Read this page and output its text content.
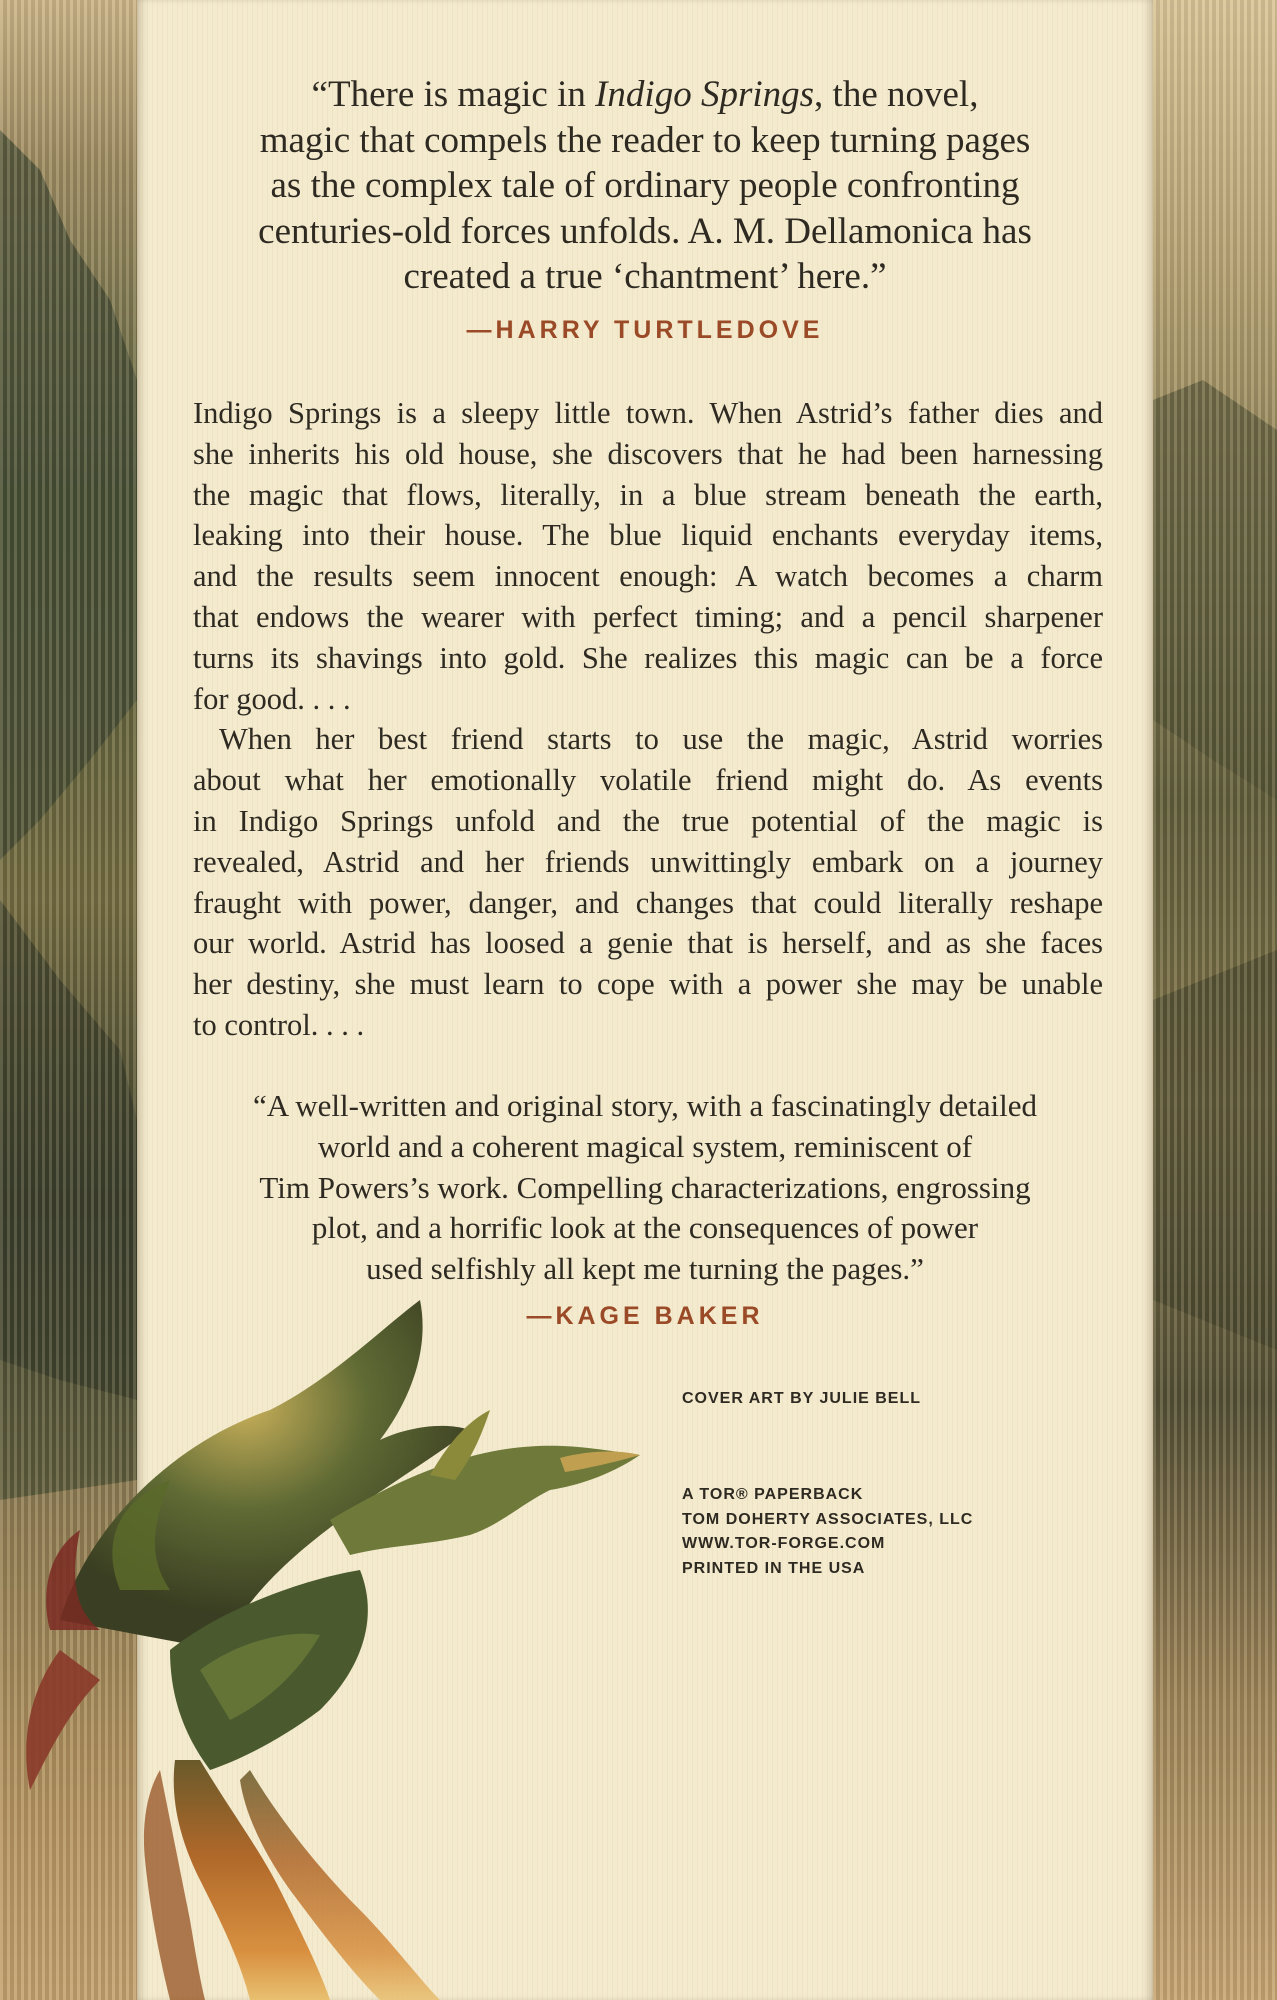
“There is magic in Indigo Springs, the novel,
magic that compels the reader to keep turning pages
as the complex tale of ordinary people confronting
centuries-old forces unfolds. A. M. Dellamonica has
created a true ‘chantment’ here.”
—HARRY TURTLEDOVE

Indigo Springs is a sleepy little town. When Astrid’s father dies and
she inherits his old house, she discovers that he had been harnessing
the magic that flows, literally, in a blue stream beneath the earth,
leaking into their house. The blue liquid enchants everyday items,
and the results seem innocent enough: A watch becomes a charm
that endows the wearer with perfect timing; and a pencil sharpener
turns its shavings into gold. She realizes this magic can be a force
for good. . . .

When her best friend starts to use the magic, Astrid worries
about what her emotionally volatile friend might do. As events
in Indigo Springs unfold and the true potential of the magic is
revealed, Astrid and her friends unwittingly embark on a journey
fraught with power, danger, and changes that could literally reshape
our world. Astrid has loosed a genie that is herself, and as she faces
her destiny, she must learn to cope with a power she may be unable
to control. . . .

“A well-written and original story, with a fascinatingly detailed
world and a coherent magical system, reminiscent of
Tim Powers’s work. Compelling characterizations, engrossing
plot, and a horrific look at the consequences of power
used selfishly all kept me turning the pages.”
—KAGE BAKER
COVER ART BY JULIE BELL
A TOR® PAPERBACK
TOM DOHERTY ASSOCIATES, LLC
WWW.TOR-FORGE.COM
PRINTED IN THE USA
